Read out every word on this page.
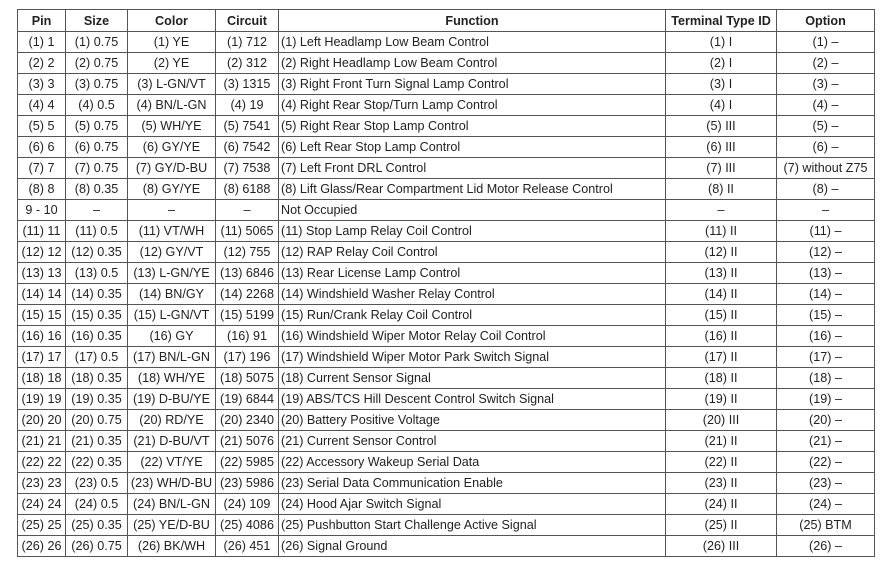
Pin	Size	Color	Circuit	Function	Terminal Type ID	Option
(1) 1	(1) 0.75	(1) YE	(1) 712	(1) Left Headlamp Low Beam Control	(1) I	(1) –
(2) 2	(2) 0.75	(2) YE	(2) 312	(2) Right Headlamp Low Beam Control	(2) I	(2) –
(3) 3	(3) 0.75	(3) L-GN/VT	(3) 1315	(3) Right Front Turn Signal Lamp Control	(3) I	(3) –
(4) 4	(4) 0.5	(4) BN/L-GN	(4) 19	(4) Right Rear Stop/Turn Lamp Control	(4) I	(4) –
(5) 5	(5) 0.75	(5) WH/YE	(5) 7541	(5) Right Rear Stop Lamp Control	(5) III	(5) –
(6) 6	(6) 0.75	(6) GY/YE	(6) 7542	(6) Left Rear Stop Lamp Control	(6) III	(6) –
(7) 7	(7) 0.75	(7) GY/D-BU	(7) 7538	(7) Left Front DRL Control	(7) III	(7) without Z75
(8) 8	(8) 0.35	(8) GY/YE	(8) 6188	(8) Lift Glass/Rear Compartment Lid Motor Release Control	(8) II	(8) –
9 - 10	–	–	–	Not Occupied	–	–
(11) 11	(11) 0.5	(11) VT/WH	(11) 5065	(11) Stop Lamp Relay Coil Control	(11) II	(11) –
(12) 12	(12) 0.35	(12) GY/VT	(12) 755	(12) RAP Relay Coil Control	(12) II	(12) –
(13) 13	(13) 0.5	(13) L-GN/YE	(13) 6846	(13) Rear License Lamp Control	(13) II	(13) –
(14) 14	(14) 0.35	(14) BN/GY	(14) 2268	(14) Windshield Washer Relay Control	(14) II	(14) –
(15) 15	(15) 0.35	(15) L-GN/VT	(15) 5199	(15) Run/Crank Relay Coil Control	(15) II	(15) –
(16) 16	(16) 0.35	(16) GY	(16) 91	(16) Windshield Wiper Motor Relay Coil Control	(16) II	(16) –
(17) 17	(17) 0.5	(17) BN/L-GN	(17) 196	(17) Windshield Wiper Motor Park Switch Signal	(17) II	(17) –
(18) 18	(18) 0.35	(18) WH/YE	(18) 5075	(18) Current Sensor Signal	(18) II	(18) –
(19) 19	(19) 0.35	(19) D-BU/YE	(19) 6844	(19) ABS/TCS Hill Descent Control Switch Signal	(19) II	(19) –
(20) 20	(20) 0.75	(20) RD/YE	(20) 2340	(20) Battery Positive Voltage	(20) III	(20) –
(21) 21	(21) 0.35	(21) D-BU/VT	(21) 5076	(21) Current Sensor Control	(21) II	(21) –
(22) 22	(22) 0.35	(22) VT/YE	(22) 5985	(22) Accessory Wakeup Serial Data	(22) II	(22) –
(23) 23	(23) 0.5	(23) WH/D-BU	(23) 5986	(23) Serial Data Communication Enable	(23) II	(23) –
(24) 24	(24) 0.5	(24) BN/L-GN	(24) 109	(24) Hood Ajar Switch Signal	(24) II	(24) –
(25) 25	(25) 0.35	(25) YE/D-BU	(25) 4086	(25) Pushbutton Start Challenge Active Signal	(25) II	(25) BTM
(26) 26	(26) 0.75	(26) BK/WH	(26) 451	(26) Signal Ground	(26) III	(26) –
